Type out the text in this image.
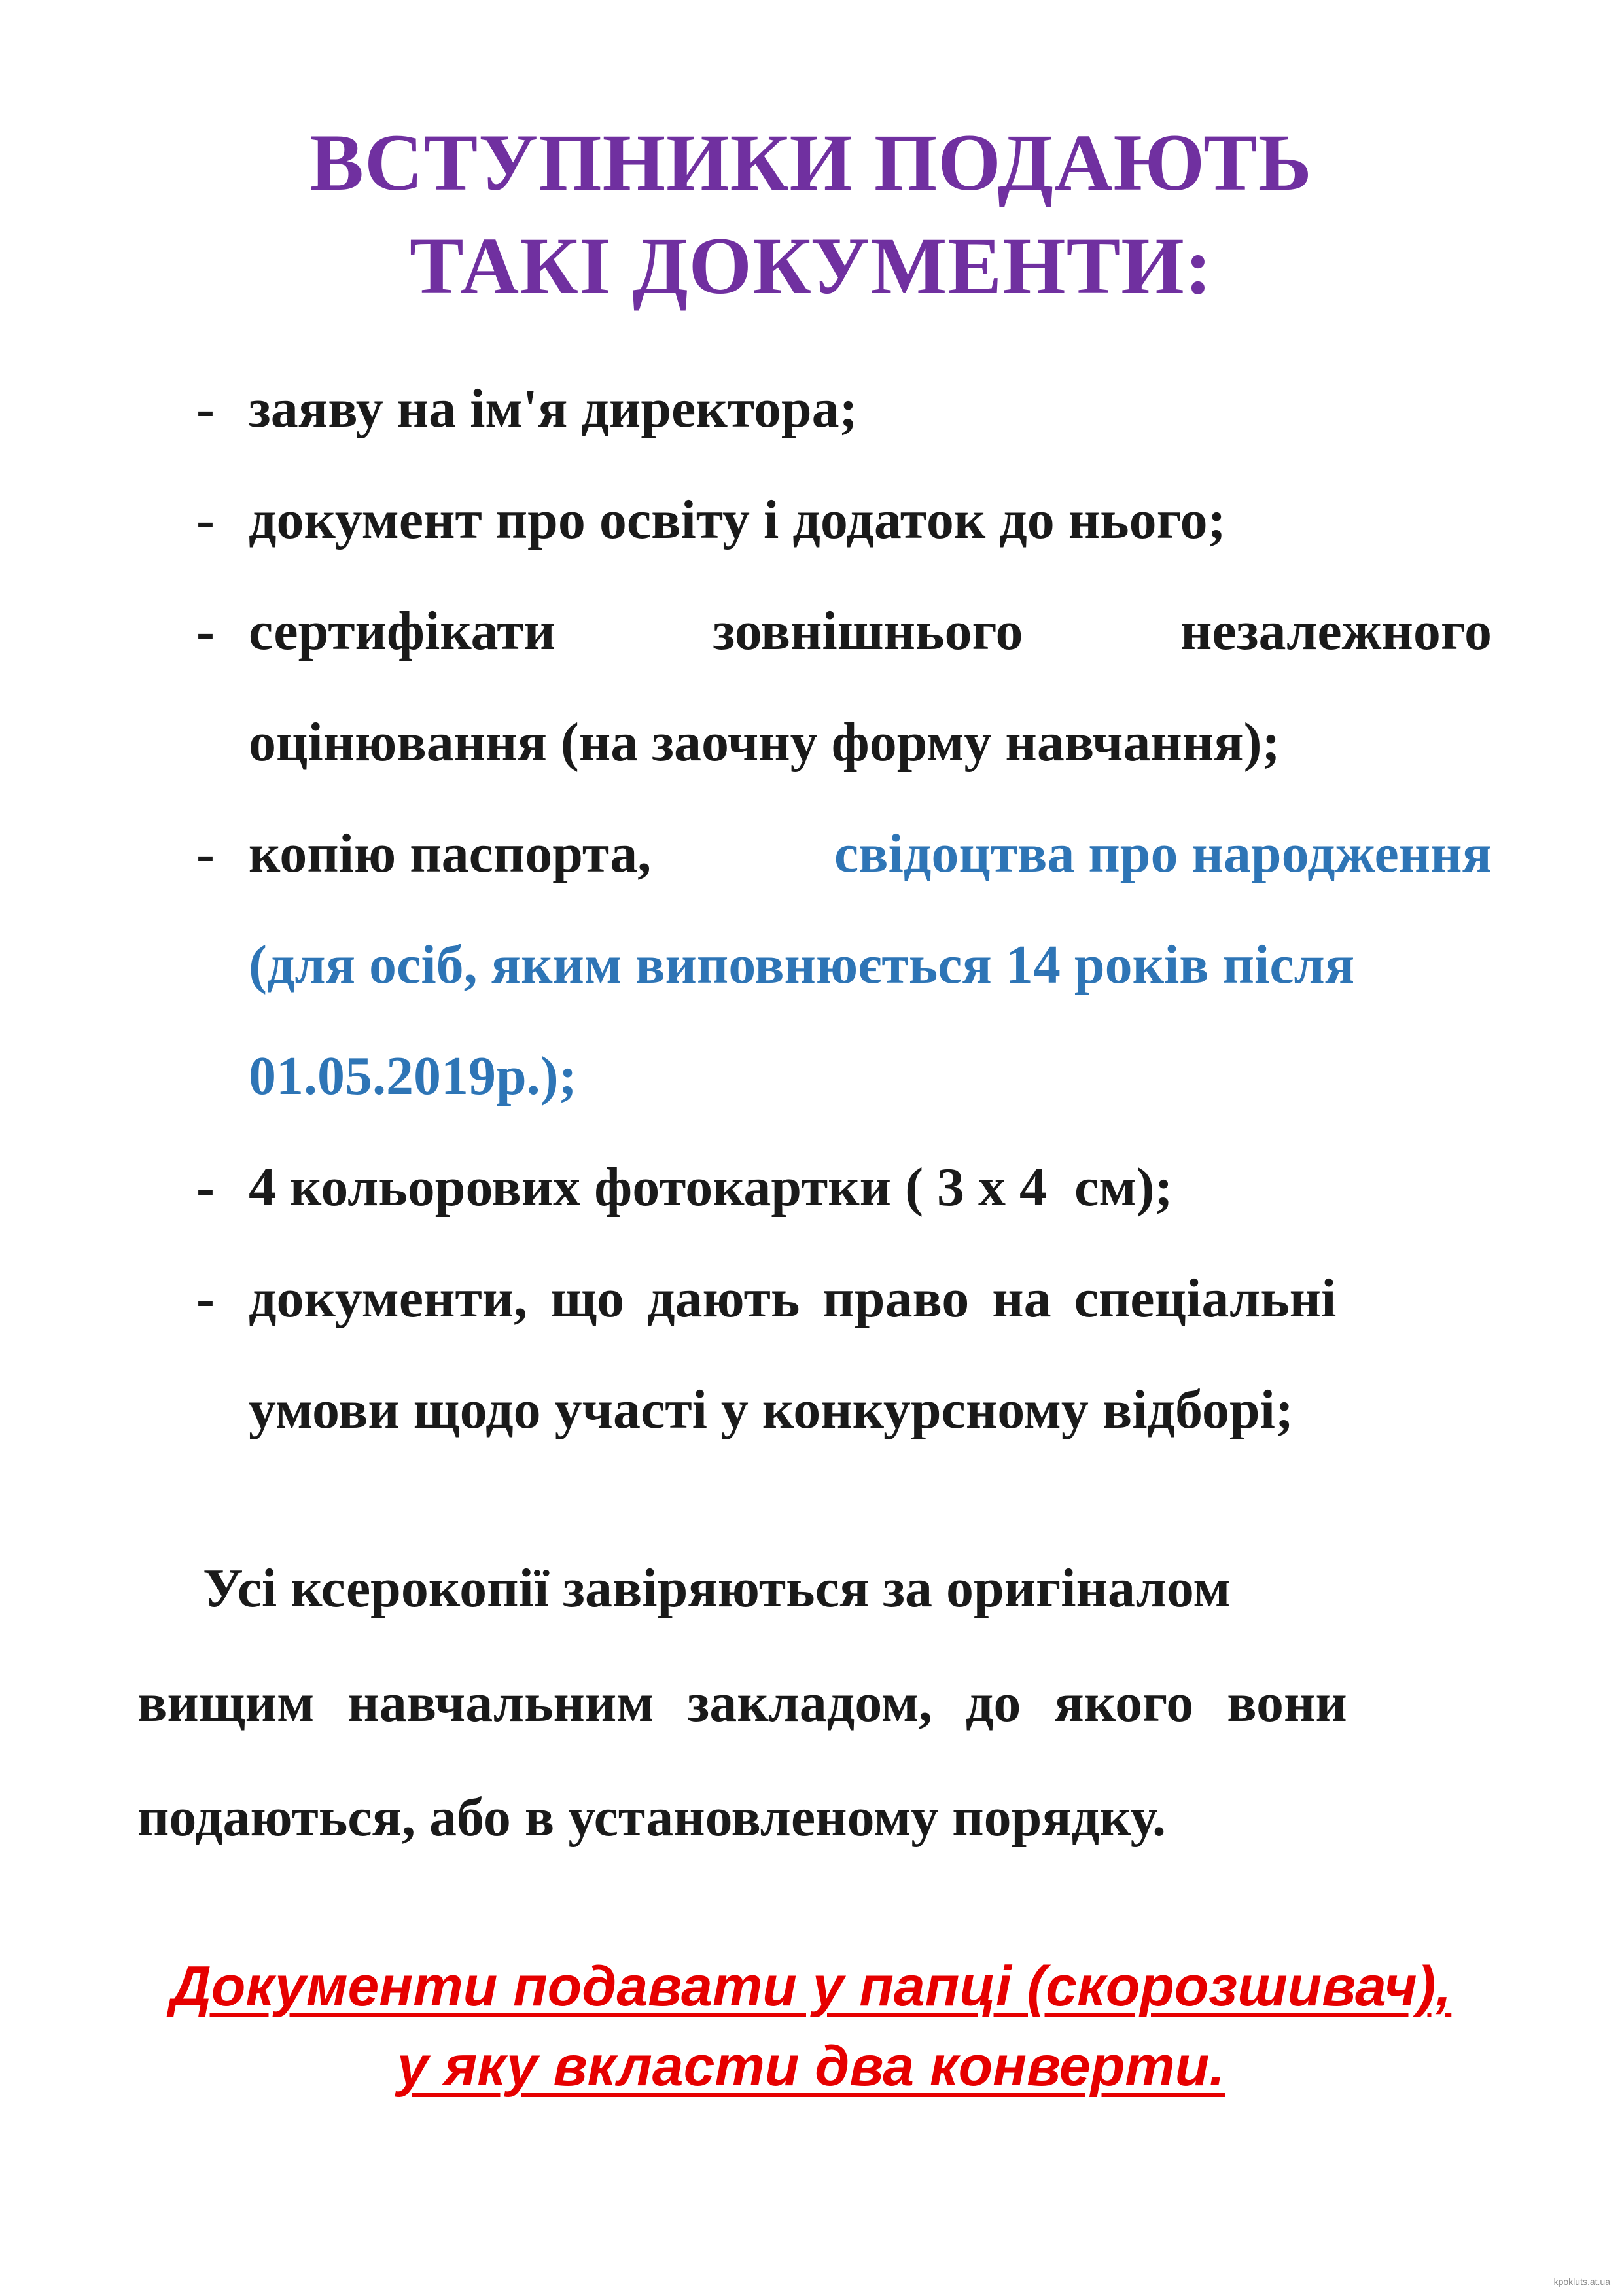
ВСТУПНИКИ ПОДАЮТЬ
ТАКІ ДОКУМЕНТИ:
- заяву на ім'я директора;
- документ про освіту і додаток до нього;
- сертифікати	зовнішнього	незалежного
оцінювання (на заочну форму навчання);
- копію паспорта,	свідоцтва про народження
(для осіб, яким виповнюється 14 років після
01.05.2019р.);
- 4 кольорових фотокартки ( 3 х 4  см);
- документи, що дають право на спеціальні
умови щодо участі у конкурсному відборі;
Усі ксерокопії завіряються за оригіналом
вищим навчальним закладом, до якого вони
подаються, або в установленому порядку.
Документи подавати у папці (скорозшивач),
у яку вкласти два конверти.
kpokluts.at.ua
